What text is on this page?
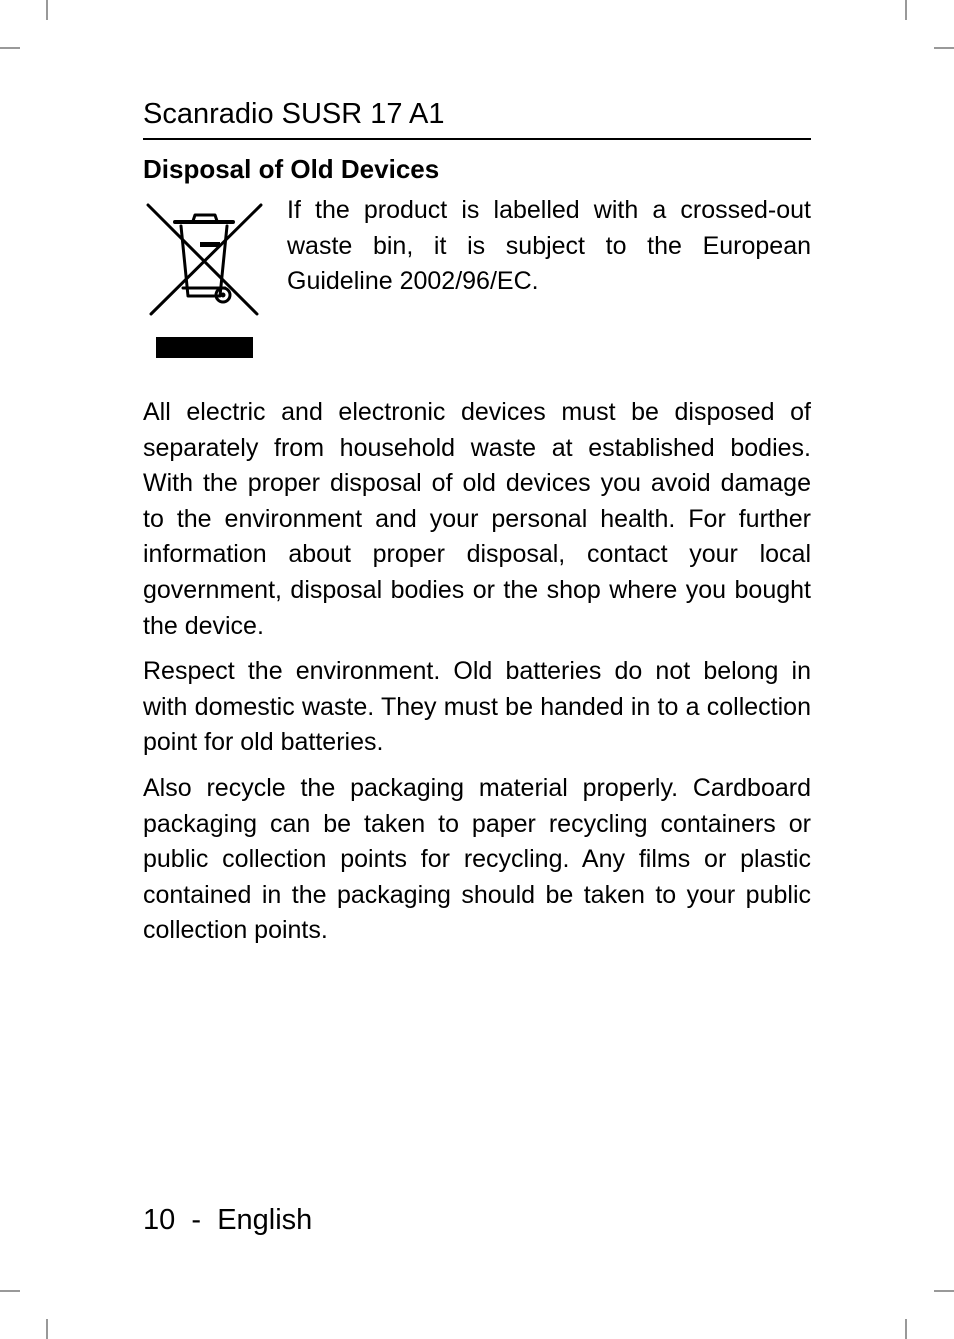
Scanradio SUSR 17 A1
Disposal of Old Devices

If the product is labelled with a crossed-out waste bin, it is subject to the European Guideline 2002/96/EC.

All electric and electronic devices must be disposed of separately from household waste at established bodies. With the proper disposal of old devices you avoid damage to the environment and your personal health. For further information about proper disposal, contact your local government, disposal bodies or the shop where you bought the device.

Respect the environment. Old batteries do not belong in with domestic waste. They must be handed in to a collection point for old batteries.

Also recycle the packaging material properly. Cardboard packaging can be taken to paper recycling containers or public collection points for recycling. Any films or plastic contained in the packaging should be taken to your public collection points.

10 - English
